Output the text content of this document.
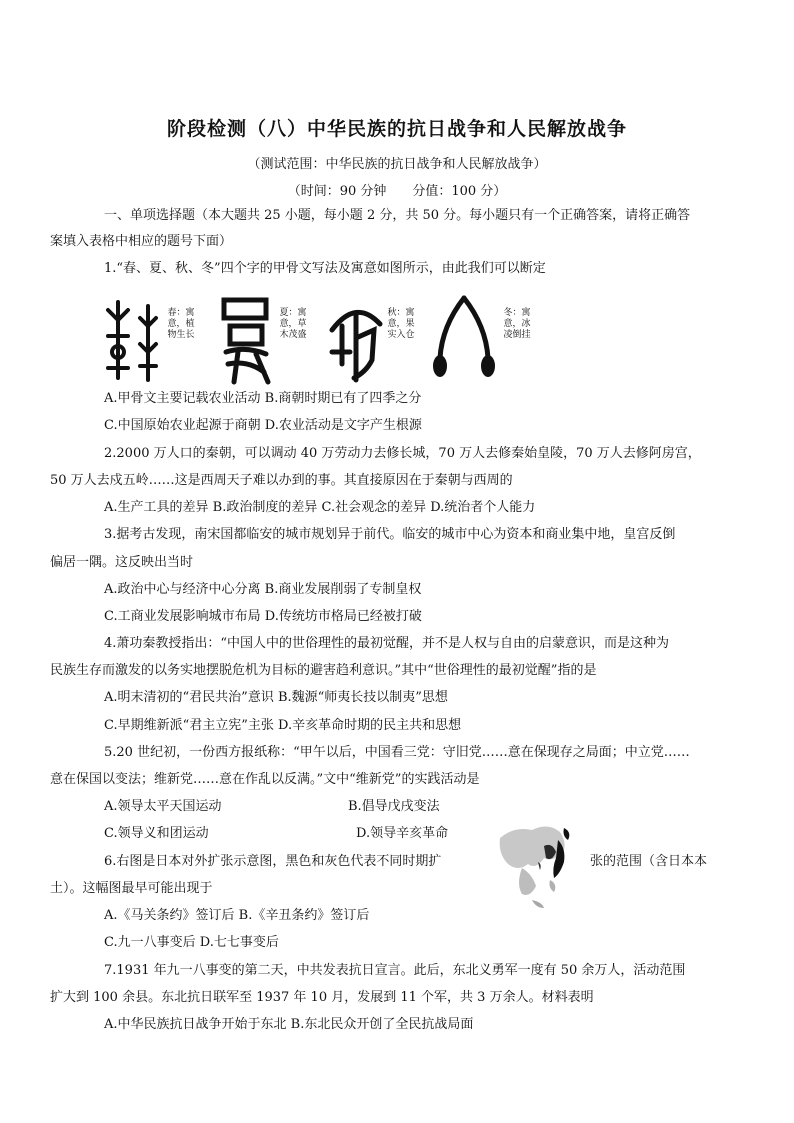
阶段检测（八）中华民族的抗日战争和人民解放战争
（测试范围：中华民族的抗日战争和人民解放战争）
（时间：90 分钟　　分值：100 分）
一、单项选择题（本大题共 25 小题，每小题 2 分，共 50 分。每小题只有一个正确答案，请将正确答
案填入表格中相应的题号下面）
1.“春、夏、秋、冬”四个字的甲骨文写法及寓意如图所示，由此我们可以断定
春：寓意，植物生长
夏：寓意，草木茂盛
秋：寓意，果实入仓
冬：寓意，冰凌倒挂
A.甲骨文主要记载农业活动 B.商朝时期已有了四季之分
C.中国原始农业起源于商朝 D.农业活动是文字产生根源
2.2000 万人口的秦朝，可以调动 40 万劳动力去修长城，70 万人去修秦始皇陵，70 万人去修阿房宫，
50 万人去戍五岭……这是西周天子难以办到的事。其直接原因在于秦朝与西周的
A.生产工具的差异 B.政治制度的差异 C.社会观念的差异 D.统治者个人能力
3.据考古发现，南宋国都临安的城市规划异于前代。临安的城市中心为资本和商业集中地，皇宫反倒
偏居一隅。这反映出当时
A.政治中心与经济中心分离 B.商业发展削弱了专制皇权
C.工商业发展影响城市布局 D.传统坊市格局已经被打破
4.萧功秦教授指出：“中国人中的世俗理性的最初觉醒，并不是人权与自由的启蒙意识，而是这种为
民族生存而激发的以务实地摆脱危机为目标的避害趋利意识。”其中“世俗理性的最初觉醒”指的是
A.明末清初的“君民共治”意识 B.魏源“师夷长技以制夷”思想
C.早期维新派“君主立宪”主张 D.辛亥革命时期的民主共和思想
5.20 世纪初，一份西方报纸称：“甲午以后，中国看三党：守旧党……意在保现存之局面；中立党……
意在保国以变法；维新党……意在作乱以反满。”文中“维新党”的实践活动是
A.领导太平天国运动	B.倡导戊戌变法
C.领导义和团运动	D.领导辛亥革命
6.右图是日本对外扩张示意图，黑色和灰色代表不同时期扩	张的范围（含日本本
土）。这幅图最早可能出现于
A.《马关条约》签订后 B.《辛丑条约》签订后
C.九一八事变后 D.七七事变后
7.1931 年九一八事变的第二天，中共发表抗日宣言。此后，东北义勇军一度有 50 余万人，活动范围
扩大到 100 余县。东北抗日联军至 1937 年 10 月，发展到 11 个军，共 3 万余人。材料表明
A.中华民族抗日战争开始于东北 B.东北民众开创了全民抗战局面
